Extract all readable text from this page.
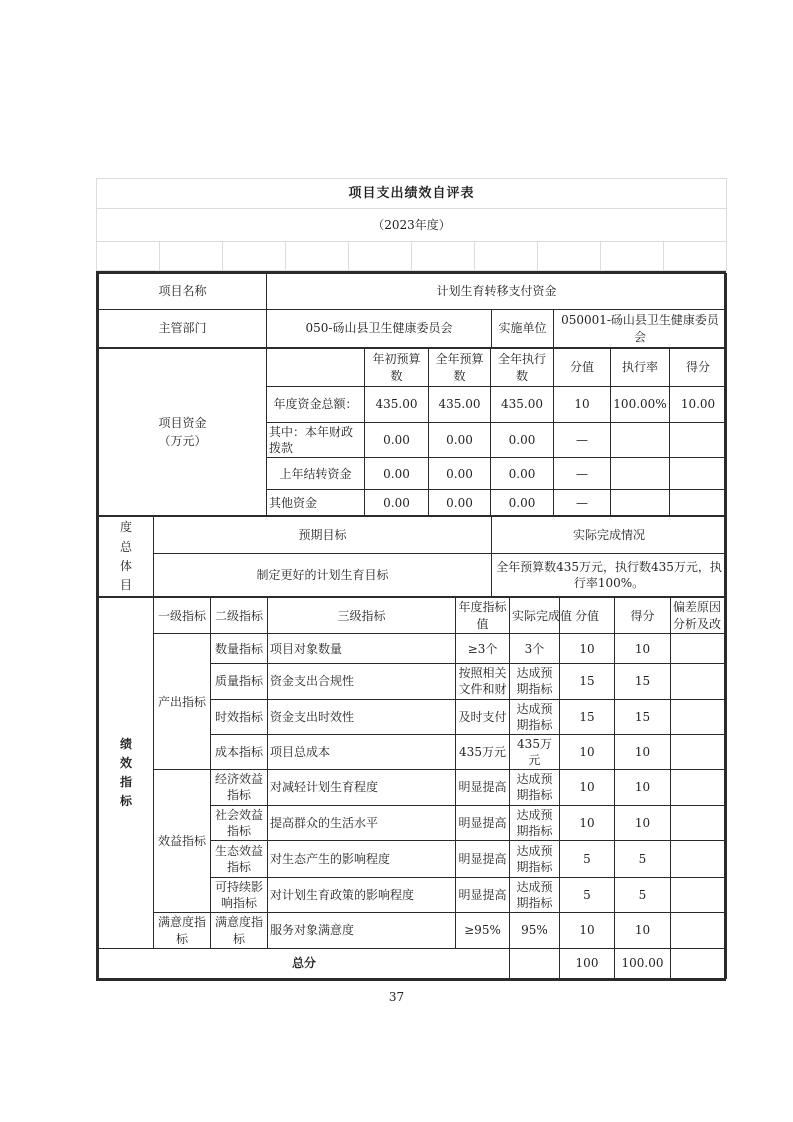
项目支出绩效自评表
（2023年度）

项目名称	计划生育转移支付资金		
主管部门	050-砀山县卫生健康委员会	实施单位	050001-砀山县卫生健康委员会
项目资金（万元）		年初预算数	全年预算数	全年执行数	分值	执行率	得分
	年度资金总额：	435.00	435.00	435.00	10	100.00%	10.00
	其中：本年财政拨款	0.00	0.00	0.00	—		
	上年结转资金	0.00	0.00	0.00	—		
	其他资金	0.00	0.00	0.00	—		
度总体目	预期目标	实际完成情况
	制定更好的计划生育目标	全年预算数435万元，执行数435万元，执行率100%。
绩效指标	一级指标	二级指标	三级指标	年度指标值	实际完成值	分值	得分	偏差原因分析及改
	产出指标	数量指标	项目对象数量	≥3个	3个	10	10	
		质量指标	资金支出合规性	按照相关文件和财	达成预期指标	15	15	
		时效指标	资金支出时效性	及时支付	达成预期指标	15	15	
		成本指标	项目总成本	435万元	435万元	10	10	
	效益指标	经济效益指标	对减轻计划生育程度	明显提高	达成预期指标	10	10	
		社会效益指标	提高群众的生活水平	明显提高	达成预期指标	10	10	
		生态效益指标	对生态产生的影响程度	明显提高	达成预期指标	5	5	
		可持续影响指标	对计划生育政策的影响程度	明显提高	达成预期指标	5	5	
	满意度指标	满意度指标	服务对象满意度	≥95%	95%	10	10	
总分						100	100.00	
37
